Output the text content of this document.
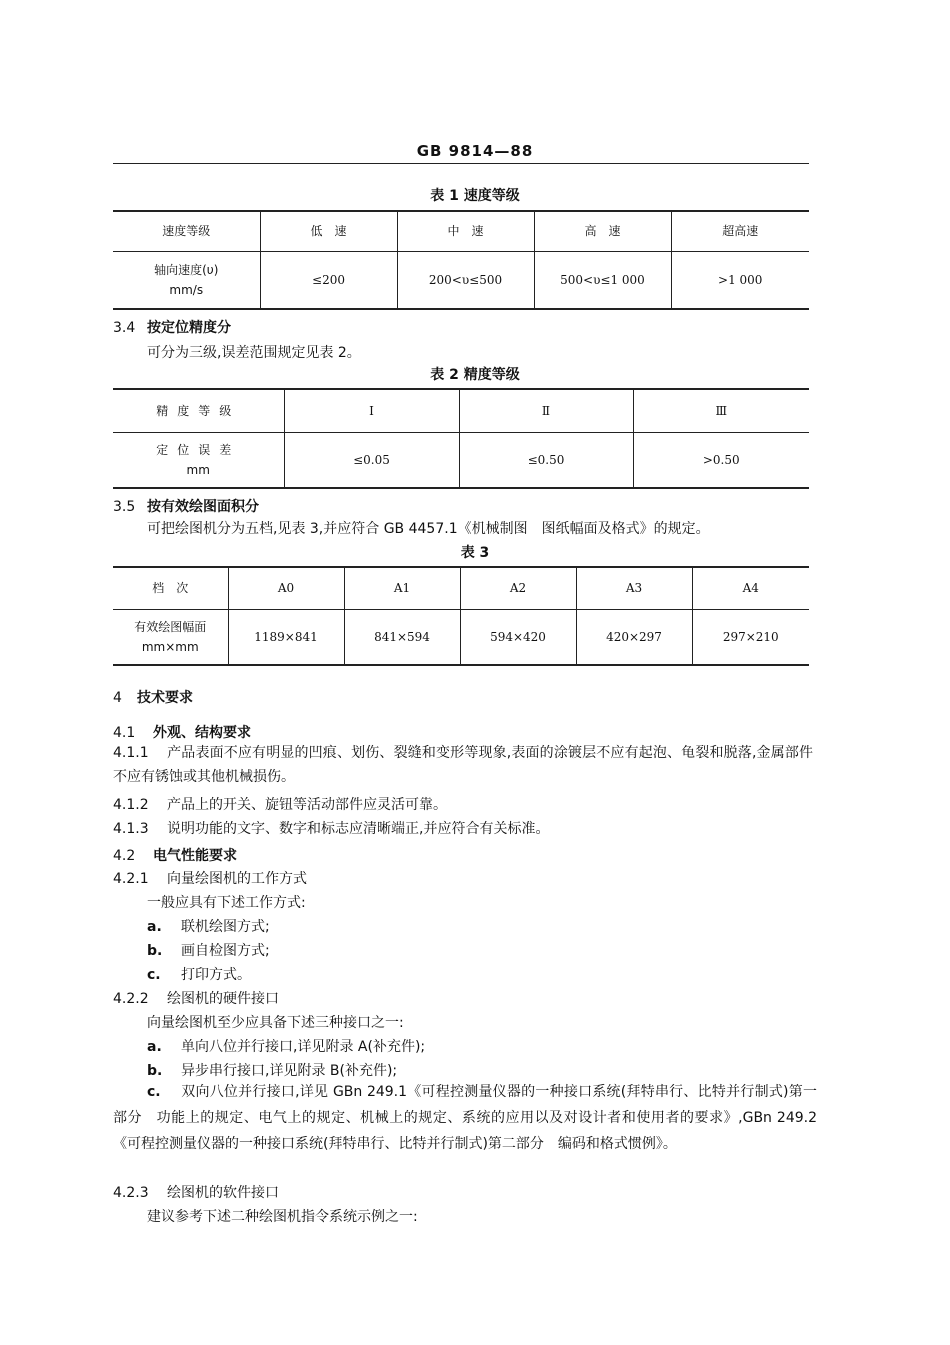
GB 9814—88
表 1 速度等级
速度等级	低　速	中　速	高　速	超高速

轴向速度(υ)
mm/s	≤200	200<υ≤500	500<υ≤1 000	>1 000
3.4 按定位精度分
可分为三级,误差范围规定见表 2。
表 2 精度等级
精度等级	Ⅰ	Ⅱ	Ⅲ

定位误差
mm	≤0.05	≤0.50	>0.50
3.5 按有效绘图面积分
可把绘图机分为五档,见表 3,并应符合 GB 4457.1《机械制图　图纸幅面及格式》的规定。
表 3
档　次	A0	A1	A2	A3	A4

有效绘图幅面
mm×mm	1189×841	841×594	594×420	420×297	297×210
4 技术要求
4.1 外观、结构要求
4.1.1 产品表面不应有明显的凹痕、划伤、裂缝和变形等现象,表面的涂镀层不应有起泡、龟裂和脱落,金属部件不应有锈蚀或其他机械损伤。
4.1.2 产品上的开关、旋钮等活动部件应灵活可靠。
4.1.3 说明功能的文字、数字和标志应清晰端正,并应符合有关标准。
4.2 电气性能要求
4.2.1 向量绘图机的工作方式
一般应具有下述工作方式:
a. 联机绘图方式;
b. 画自检图方式;
c. 打印方式。
4.2.2 绘图机的硬件接口
向量绘图机至少应具备下述三种接口之一:
a. 单向八位并行接口,详见附录 A(补充件);
b. 异步串行接口,详见附录 B(补充件);
c. 双向八位并行接口,详见 GBn 249.1《可程控测量仪器的一种接口系统(拜特串行、比特并行制式)第一部分　功能上的规定、电气上的规定、机械上的规定、系统的应用以及对设计者和使用者的要求》,GBn 249.2《可程控测量仪器的一种接口系统(拜特串行、比特并行制式)第二部分　编码和格式惯例》。
4.2.3 绘图机的软件接口
建议参考下述二种绘图机指令系统示例之一:
